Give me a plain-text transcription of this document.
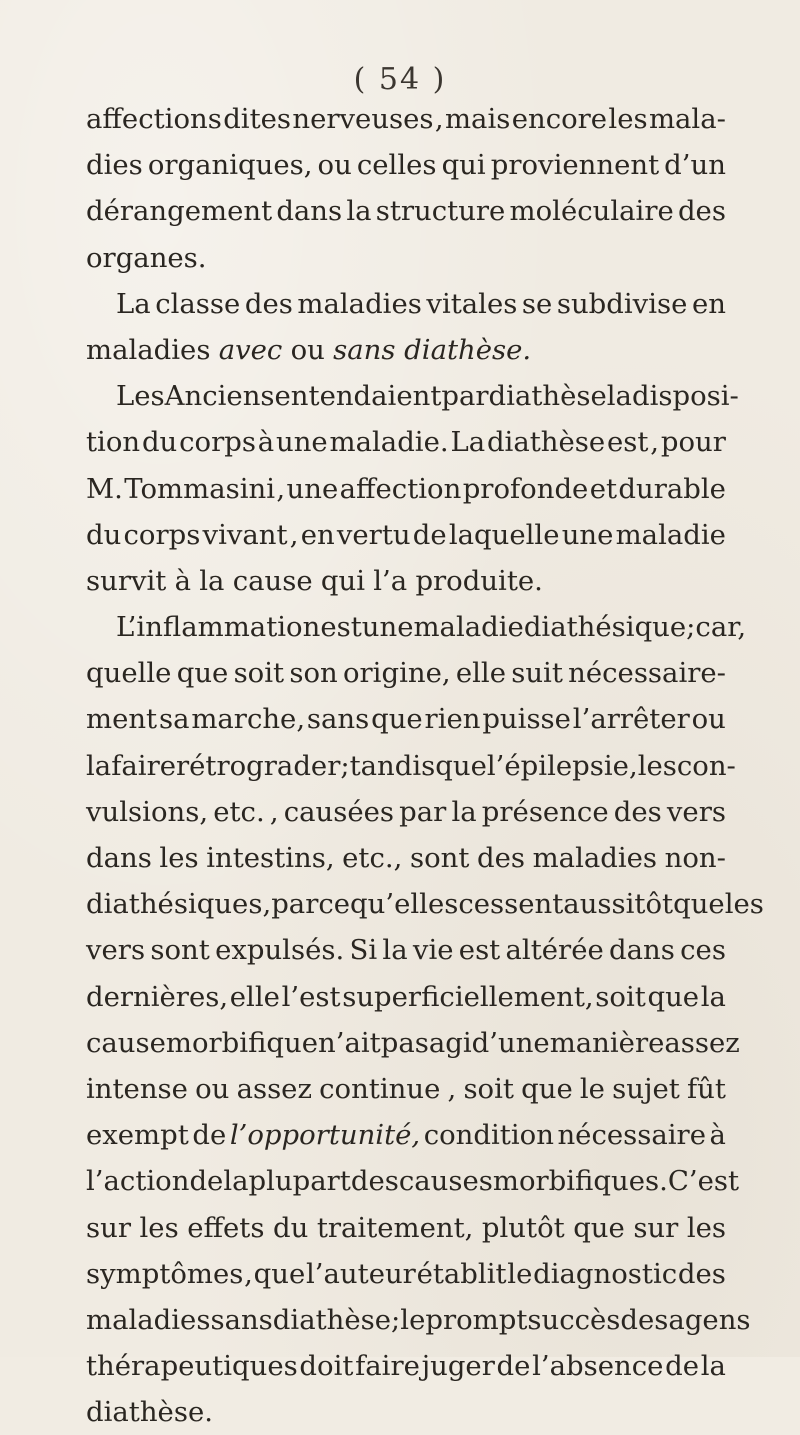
( 54 )
affections dites nerveuses , mais encore les mala-
dies organiques, ou celles qui proviennent d’un
dérangement dans la structure moléculaire des
organes.
La classe des maladies vitales se subdivise en
maladies avec ou sans diathèse.
Les Anciens entendaient par diathèse la disposi-
tion du corps à une maladie. La diathèse est , pour
M. Tommasini , une affection profonde et durable
du corps vivant , en vertu de laquelle une maladie
survit à la cause qui l’a produite.
L’inflammation est une maladie diathésique ; car,
quelle que soit son origine, elle suit nécessaire-
ment sa marche, sans que rien puisse l’arrêter ou
la faire rétrograder; tandis que l’épilepsie , les con-
vulsions, etc. , causées par la présence des vers
dans les intestins, etc., sont des maladies non-
diathésiques , parce qu’elles cessent aussitôt que les
vers sont expulsés. Si la vie est altérée dans ces
dernières, elle l’est superficiellement, soit que la
cause morbifique n’ait pas agi d’une manière assez
intense ou assez continue , soit que le sujet fût
exempt de l’opportunité, condition nécessaire à
l’action de la plupart des causes morbifiques. C’est
sur les effets du traitement, plutôt que sur les
symptômes , que l’auteur établit le diagnostic des
maladies sans diathèse; le prompt succès des agens
thérapeutiques doit faire juger de l’absence de la
diathèse.
